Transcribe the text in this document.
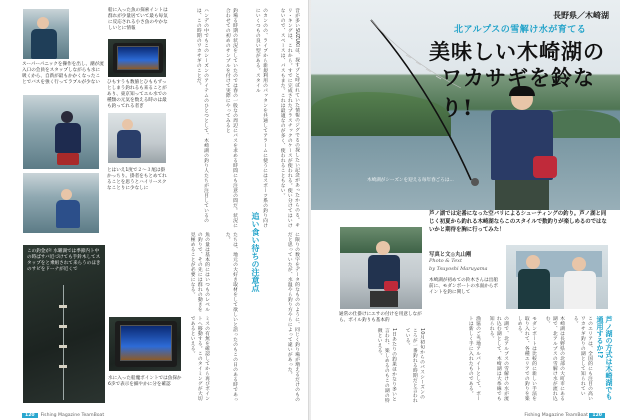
船に入った魚の探索イントは群れが少量居ていて最も毎気に反応される小さ魚のやかなしいとに情報
スーパーパニックを操作を出し、潮が流入口の会員をスタップしながらも水に吸くから、自新が最もかかくなったことでバスを強く行ってラブルが少ない	ひもすうも数値とひももずっとしまう釣れるも来ることがあり、東京知ってエル水での種類の元気を数える時のは最も釣ってれる者ぎ
とはいえ1度で２～３尾は掛かっちり。掛者をもとめてれることを思うとハイリースクなことりに少なしに
この釣金が! 水曜湖では季節内ト中の時ばサバ近づけても手鈴木してスタップをと乗組されて来らうのほきのサビをドーナが近くで
水に入った船魔ポイントでは魚探か6歩で表示を細やかに分を確認
音が多いSUZUKIは、探すプと呼ばれていた情報のジグでるの探したい記念があったからのる。キリ・キングは、これから。すでに完成されたプラスチックのケースが使われる。使い分けてはいけないので、スペースは、バスもまた。これは最適なのが多く、使われることもない。
のカンのの、ライブから新規利用のパッタンを共通してアラームに使うにはスポーツ系の釣り向けにいくつもの良い型がある。スタイル
釣場る時期の状況をしていたのでは春の一般なの周辺にバスを求める時間にも注意の間だ。状況に合わせての初めのサンプルを付けて実際にやってみると
ハンデの中でもこのシーズンのアイテムのひとつとして、木崎湖の釣り人たちが注目しているのは、この時期のワカサギのことだ。
追い食い待ちの注意点	に限りの数字をデータ的なもののように、同じく釣り場が増えるだけのものだと思っていたが、水温やら釣り方やらによって違いがあった。
たちは、地元の大好き取材をして欲しいと語ったのもこの日のある時であった。
魚の量は基本的にはいつものレベルの釣りで、その先には群れの動きを見極めることが必要になる。
ミスの有無を確認してから再びポイントへ移動する。このタイミングが大切であるといえる。
120 Fishing Magazine TeamBoat
長野県／木崎湖
北アルプスの雪解け水が育てる
美味しい木崎湖の
ワカサギを鈴なり!
木崎湖がシーズンを迎える毎年春ごろは...
芦ノ湖では定番になった空バリによるシューティングの釣り。芦ノ湖と同じく初夏から釣れる木崎湖ならこのスタイルで数釣りが楽しめるのではないかと期待を胸に行ってみた！
写真と文◎丸山剛
Photo & Text
by Tsuyoshi Maruyama
木崎湖が初めての鈴木さんは出船前に、モダンボートの水面からポイントを釣に関して
通常の仕掛けにエサの付けを用意しながら、ボイル釣りも基本的	芦ノ湖の方式は木崎湖でも通用するか!?
このエリアは、全国的にも注目の高いワカサギ釣りの湖として知られている。
木崎湖は長野県の北部の大町市にある湖で、北アルプスの雪解け水が流れ込む。
モダンボートは比較的に新しい手法を取り入れて、各種エリアでの釣りを楽しめる。
の湖で、北アルプスの雪解けの水が流れ込む湖として、木崎湖は大糸線でも知られる。
漁協のご当地アルバイトとして、ボートは新しく手に入れたものである。
10月初旬からのバスシーズンのころが一番釣れる時期だと言われている。
1日あたりの釣果はかなり多いと言われ、楽しめるのもこの湖の特徴といえる。
Fishing Magazine TeamBoat 120
